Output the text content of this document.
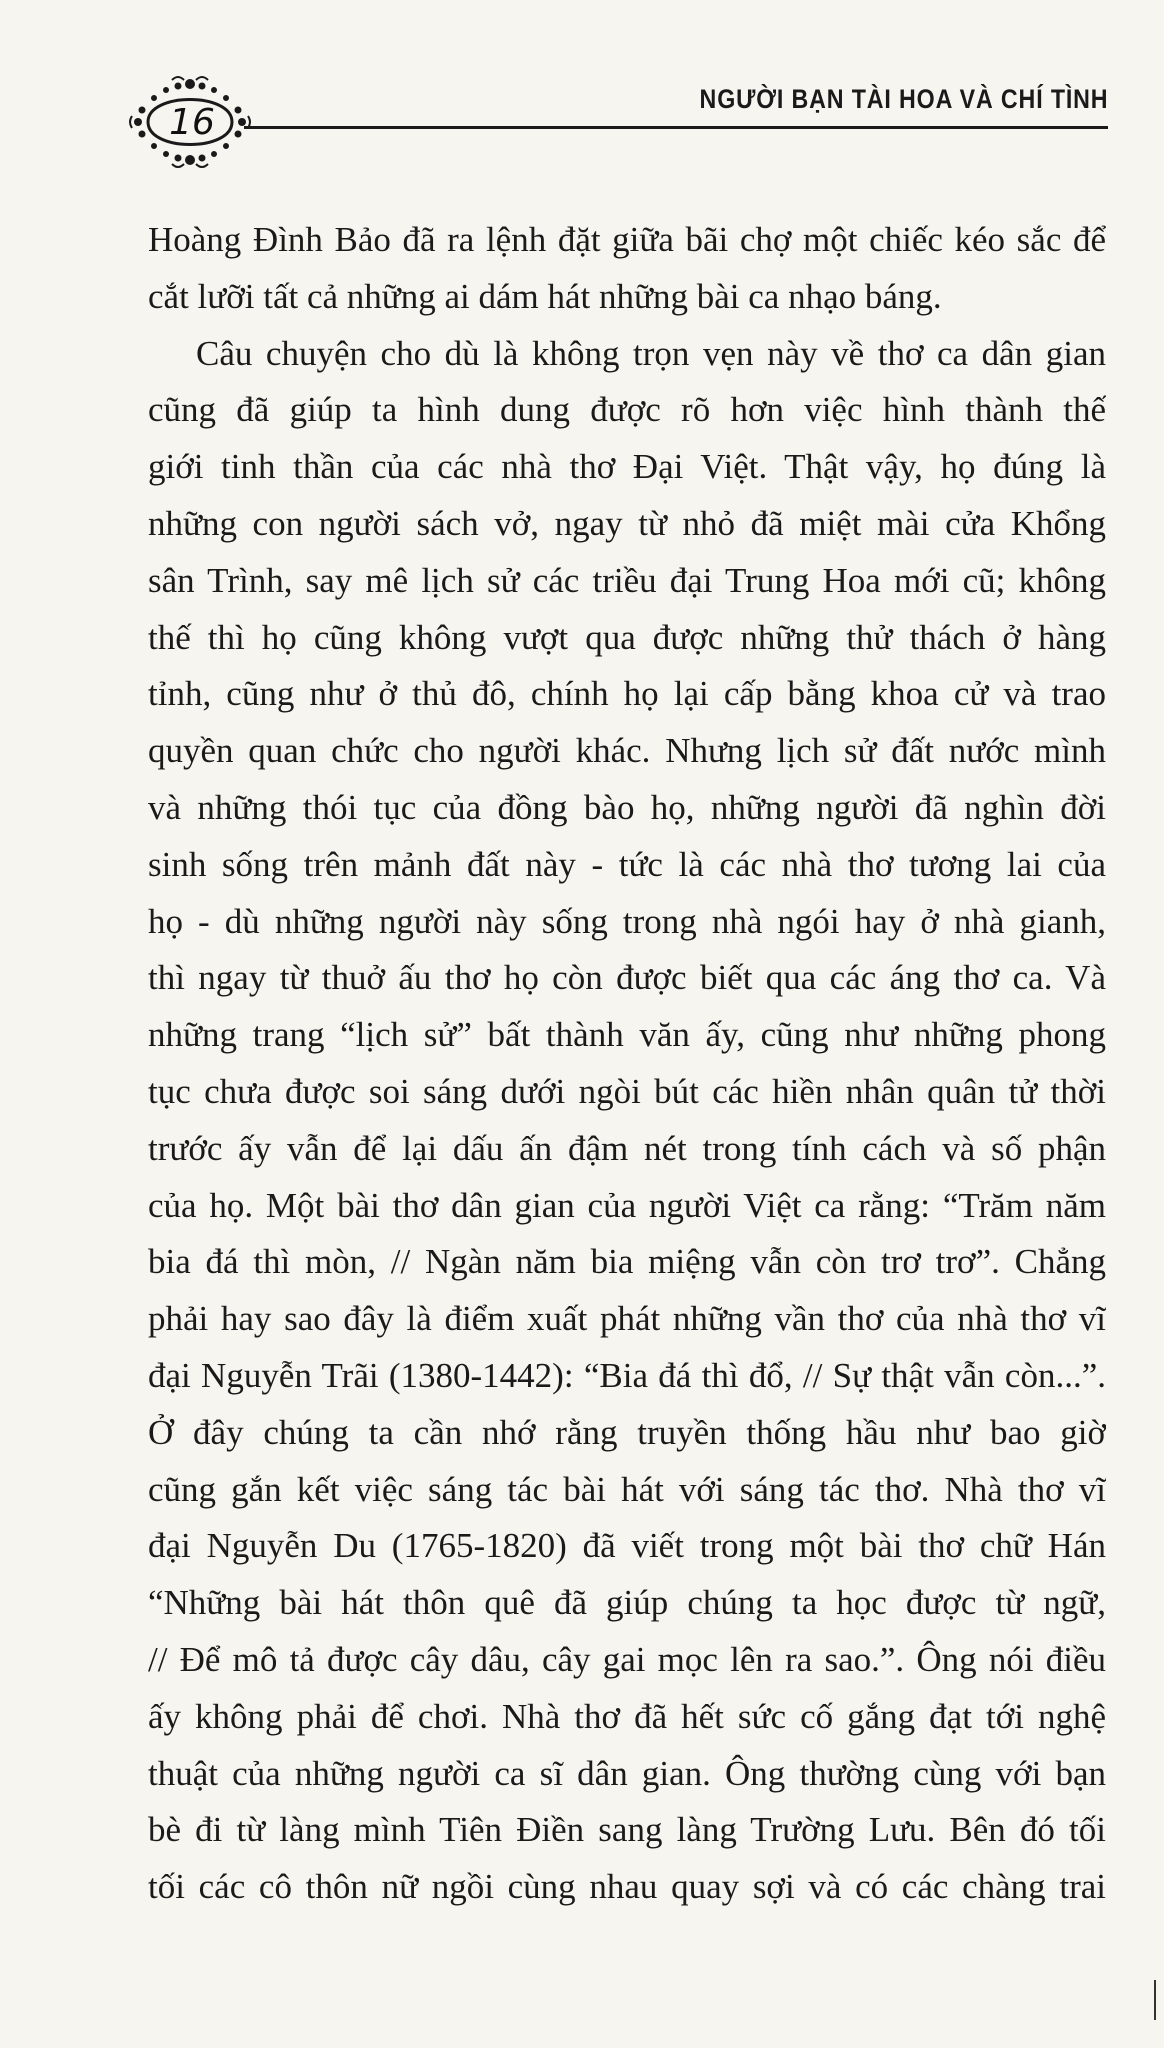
16
NGƯỜI BẠN TÀI HOA VÀ CHÍ TÌNH
Hoàng Đình Bảo đã ra lệnh đặt giữa bãi chợ một chiếc kéo sắc để
cắt lưỡi tất cả những ai dám hát những bài ca nhạo báng.
Câu chuyện cho dù là không trọn vẹn này về thơ ca dân gian
cũng đã giúp ta hình dung được rõ hơn việc hình thành thế
giới tinh thần của các nhà thơ Đại Việt. Thật vậy, họ đúng là
những con người sách vở, ngay từ nhỏ đã miệt mài cửa Khổng
sân Trình, say mê lịch sử các triều đại Trung Hoa mới cũ; không
thế thì họ cũng không vượt qua được những thử thách ở hàng
tỉnh, cũng như ở thủ đô, chính họ lại cấp bằng khoa cử và trao
quyền quan chức cho người khác. Nhưng lịch sử đất nước mình
và những thói tục của đồng bào họ, những người đã nghìn đời
sinh sống trên mảnh đất này - tức là các nhà thơ tương lai của
họ - dù những người này sống trong nhà ngói hay ở nhà gianh,
thì ngay từ thuở ấu thơ họ còn được biết qua các áng thơ ca. Và
những trang “lịch sử” bất thành văn ấy, cũng như những phong
tục chưa được soi sáng dưới ngòi bút các hiền nhân quân tử thời
trước ấy vẫn để lại dấu ấn đậm nét trong tính cách và số phận
của họ. Một bài thơ dân gian của người Việt ca rằng: “Trăm năm
bia đá thì mòn, // Ngàn năm bia miệng vẫn còn trơ trơ”. Chẳng
phải hay sao đây là điểm xuất phát những vần thơ của nhà thơ vĩ
đại Nguyễn Trãi (1380-1442): “Bia đá thì đổ, // Sự thật vẫn còn...”.
Ở đây chúng ta cần nhớ rằng truyền thống hầu như bao giờ
cũng gắn kết việc sáng tác bài hát với sáng tác thơ. Nhà thơ vĩ
đại Nguyễn Du (1765-1820) đã viết trong một bài thơ chữ Hán
“Những bài hát thôn quê đã giúp chúng ta học được từ ngữ,
// Để mô tả được cây dâu, cây gai mọc lên ra sao.”. Ông nói điều
ấy không phải để chơi. Nhà thơ đã hết sức cố gắng đạt tới nghệ
thuật của những người ca sĩ dân gian. Ông thường cùng với bạn
bè đi từ làng mình Tiên Điền sang làng Trường Lưu. Bên đó tối
tối các cô thôn nữ ngồi cùng nhau quay sợi và có các chàng trai
